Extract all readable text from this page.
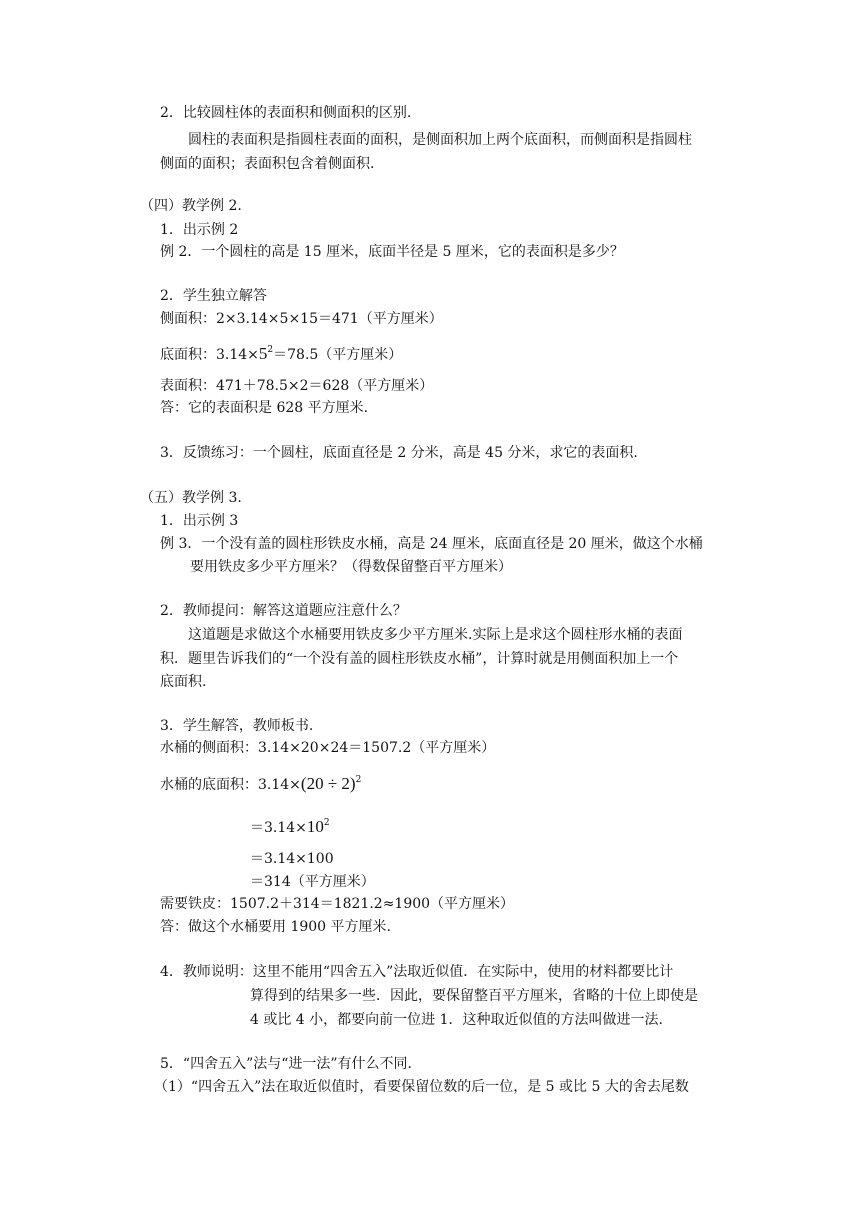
2．比较圆柱体的表面积和侧面积的区别.
圆柱的表面积是指圆柱表面的面积，是侧面积加上两个底面积，而侧面积是指圆柱
侧面的面积；表面积包含着侧面积.
（四）教学例 2.
1．出示例 2
例 2．一个圆柱的高是 15 厘米，底面半径是 5 厘米，它的表面积是多少？
2．学生独立解答
侧面积：2×3.14×5×15＝471（平方厘米）
底面积：$3.14\times 5^2=78.5$（平方厘米）
表面积：471＋78.5×2＝628（平方厘米）
答：它的表面积是 628 平方厘米.
3．反馈练习：一个圆柱，底面直径是 2 分米，高是 45 分米，求它的表面积.
（五）教学例 3.
1．出示例 3
例 3．一个没有盖的圆柱形铁皮水桶，高是 24 厘米，底面直径是 20 厘米，做这个水桶
要用铁皮多少平方厘米？（得数保留整百平方厘米）
2．教师提问：解答这道题应注意什么？
这道题是求做这个水桶要用铁皮多少平方厘米.实际上是求这个圆柱形水桶的表面
积．题里告诉我们的“一个没有盖的圆柱形铁皮水桶”，计算时就是用侧面积加上一个
底面积.
3．学生解答，教师板书.
水桶的侧面积：3.14×20×24＝1507.2（平方厘米）
水桶的底面积：$3.14\times(20 \div 2)^2$
$=3.14\times 10^2$
＝3.14×100
＝314（平方厘米）
需要铁皮：1507.2＋314＝1821.2≈1900（平方厘米）
答：做这个水桶要用 1900 平方厘米.
4．教师说明：这里不能用“四舍五入”法取近似值．在实际中，使用的材料都要比计
算得到的结果多一些．因此，要保留整百平方厘米，省略的十位上即使是
4 或比 4 小，都要向前一位进 1．这种取近似值的方法叫做进一法.
5．“四舍五入”法与“进一法”有什么不同.
（1）“四舍五入”法在取近似值时，看要保留位数的后一位，是 5 或比 5 大的舍去尾数
